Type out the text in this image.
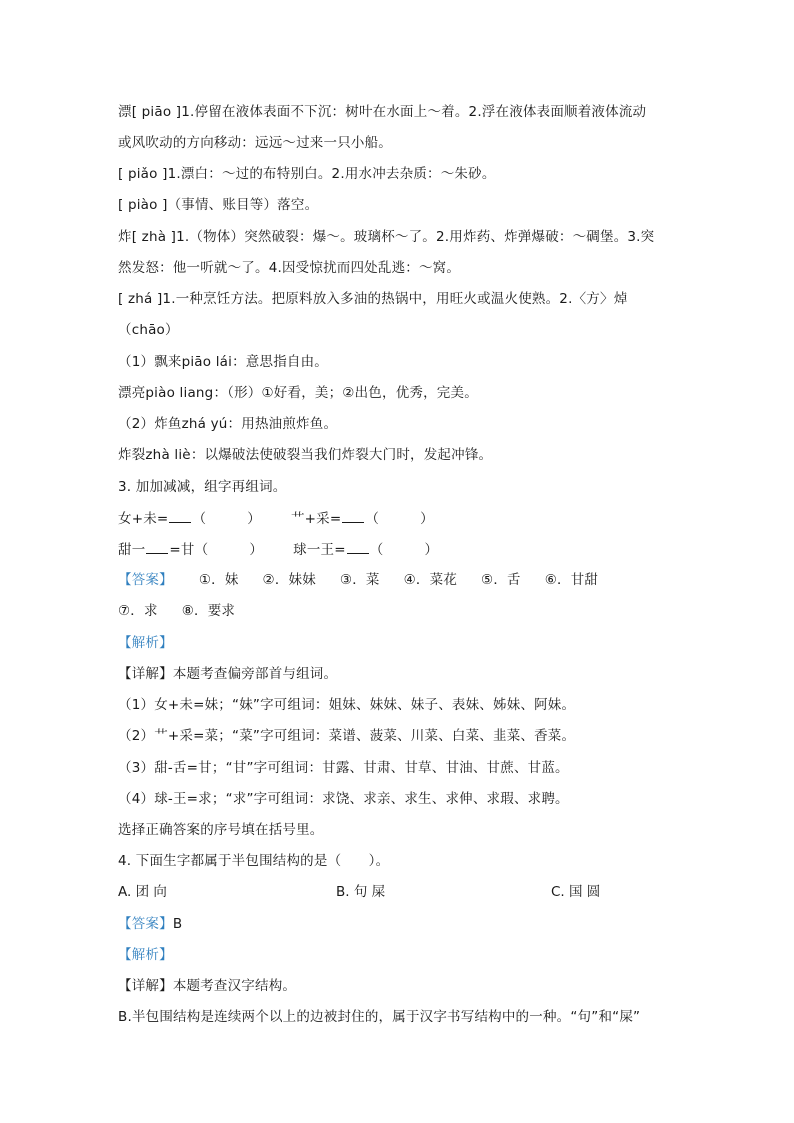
漂[ piāo ]1.停留在液体表面不下沉：树叶在水面上～着。2.浮在液体表面顺着液体流动
或风吹动的方向移动：远远～过来一只小船。
[ piǎo ]1.漂白：～过的布特别白。2.用水冲去杂质：～朱砂。
[ piào ]（事情、账目等）落空。
炸[ zhà ]1.（物体）突然破裂：爆～。玻璃杯～了。2.用炸药、炸弹爆破：～碉堡。3.突
然发怒：他一听就～了。4.因受惊扰而四处乱逃：～窝。
[ zhá ]1.一种烹饪方法。把原料放入多油的热锅中，用旺火或温火使熟。2.〈方〉焯
（chāo）
（1）飘来piāo lái：意思指自由。
漂亮piào liang：（形）①好看，美；②出色，优秀，完美。
（2）炸鱼zhá yú：用热油煎炸鱼。
炸裂zhà liè：以爆破法使破裂当我们炸裂大门时，发起冲锋。
3. 加加减减，组字再组词。
女+未= （　　　） 艹+采= （　　　）
甜一 =甘（　　　） 球一王= （　　　）
【答案】 ①．妹 ②．妹妹 ③．菜 ④．菜花 ⑤．舌 ⑥．甘甜
⑦．求 ⑧．要求
【解析】
【详解】本题考查偏旁部首与组词。
（1）女+未=妹；“妹”字可组词：姐妹、妹妹、妹子、表妹、姊妹、阿妹。
（2）艹+采=菜；“菜”字可组词：菜谱、菠菜、川菜、白菜、韭菜、香菜。
（3）甜-舌=甘；“甘”字可组词：甘露、甘肃、甘草、甘油、甘蔗、甘蓝。
（4）球-王=求；“求”字可组词：求饶、求亲、求生、求伸、求瑕、求聘。
选择正确答案的序号填在括号里。
4. 下面生字都属于半包围结构的是（　　）。
A. 团 向	B. 句 屎	C. 国 圆
【答案】B
【解析】
【详解】本题考查汉字结构。
B.半包围结构是连续两个以上的边被封住的，属于汉字书写结构中的一种。“句”和“屎”
